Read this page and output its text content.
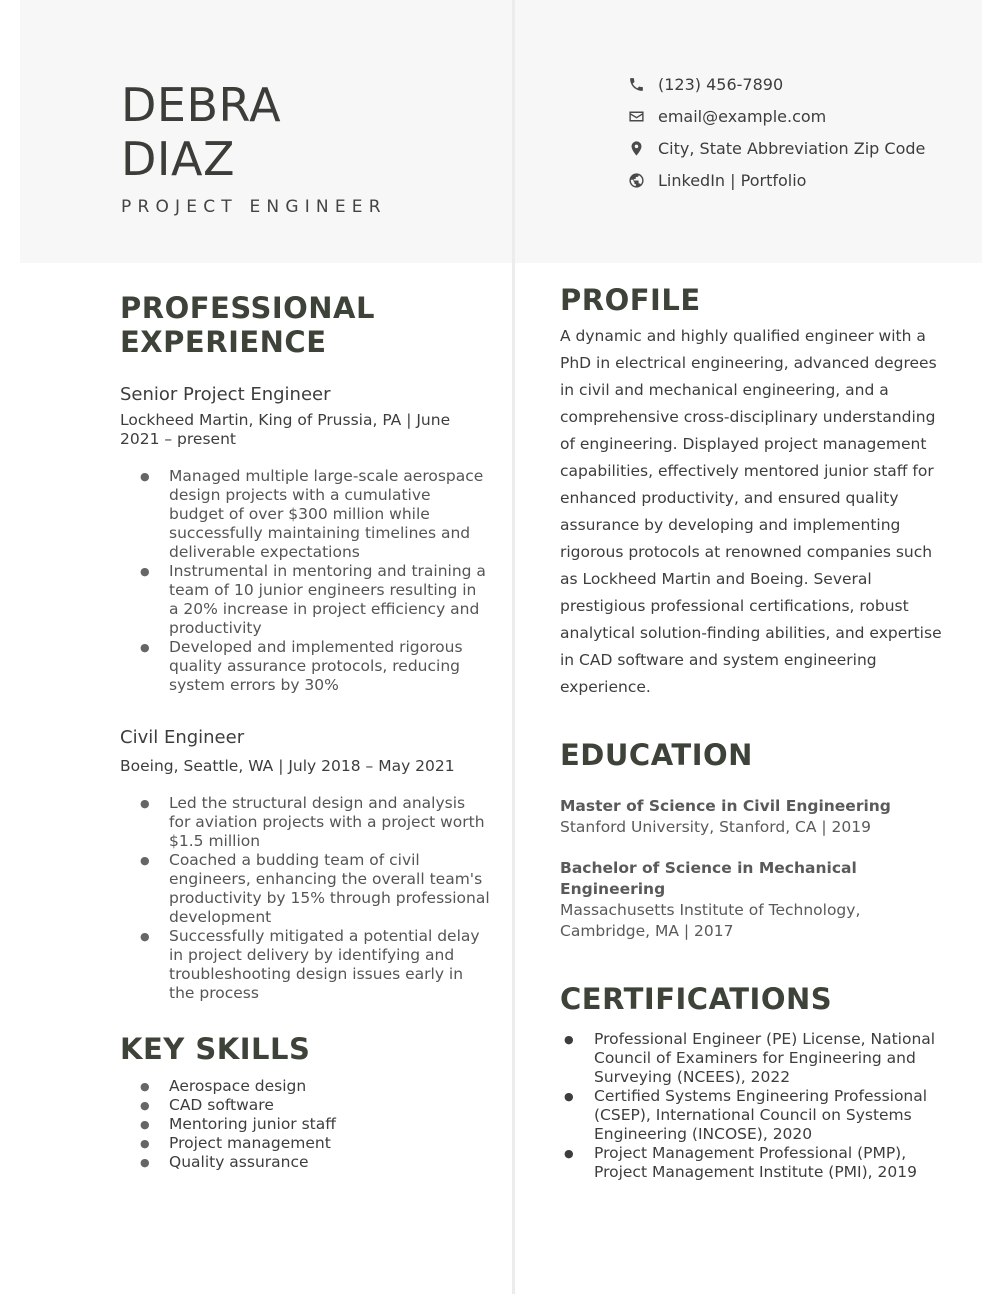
DEBRA
DIAZ
PROJECT ENGINEER
(123) 456-7890
email@example.com
City, State Abbreviation Zip Code
LinkedIn | Portfolio
PROFESSIONAL
EXPERIENCE
Senior Project Engineer
Lockheed Martin, King of Prussia, PA | June 2021 – present
● Managed multiple large-scale aerospace design projects with a cumulative budget of over $300 million while successfully maintaining timelines and deliverable expectations
● Instrumental in mentoring and training a team of 10 junior engineers resulting in a 20% increase in project efficiency and productivity
● Developed and implemented rigorous quality assurance protocols, reducing system errors by 30%
Civil Engineer
Boeing, Seattle, WA | July 2018 – May 2021
● Led the structural design and analysis for aviation projects with a project worth $1.5 million
● Coached a budding team of civil engineers, enhancing the overall team's productivity by 15% through professional development
● Successfully mitigated a potential delay in project delivery by identifying and troubleshooting design issues early in the process
KEY SKILLS
● Aerospace design
● CAD software
● Mentoring junior staff
● Project management
● Quality assurance
PROFILE

A dynamic and highly qualified engineer with a PhD in electrical engineering, advanced degrees in civil and mechanical engineering, and a comprehensive cross-disciplinary understanding of engineering. Displayed project management capabilities, effectively mentored junior staff for enhanced productivity, and ensured quality assurance by developing and implementing rigorous protocols at renowned companies such as Lockheed Martin and Boeing. Several prestigious professional certifications, robust analytical solution-finding abilities, and expertise in CAD software and system engineering experience.

EDUCATION
Master of Science in Civil Engineering
Stanford University, Stanford, CA | 2019
Bachelor of Science in Mechanical Engineering
Massachusetts Institute of Technology, Cambridge, MA | 2017
CERTIFICATIONS
● Professional Engineer (PE) License, National Council of Examiners for Engineering and Surveying (NCEES), 2022
● Certified Systems Engineering Professional (CSEP), International Council on Systems Engineering (INCOSE), 2020
● Project Management Professional (PMP), Project Management Institute (PMI), 2019
